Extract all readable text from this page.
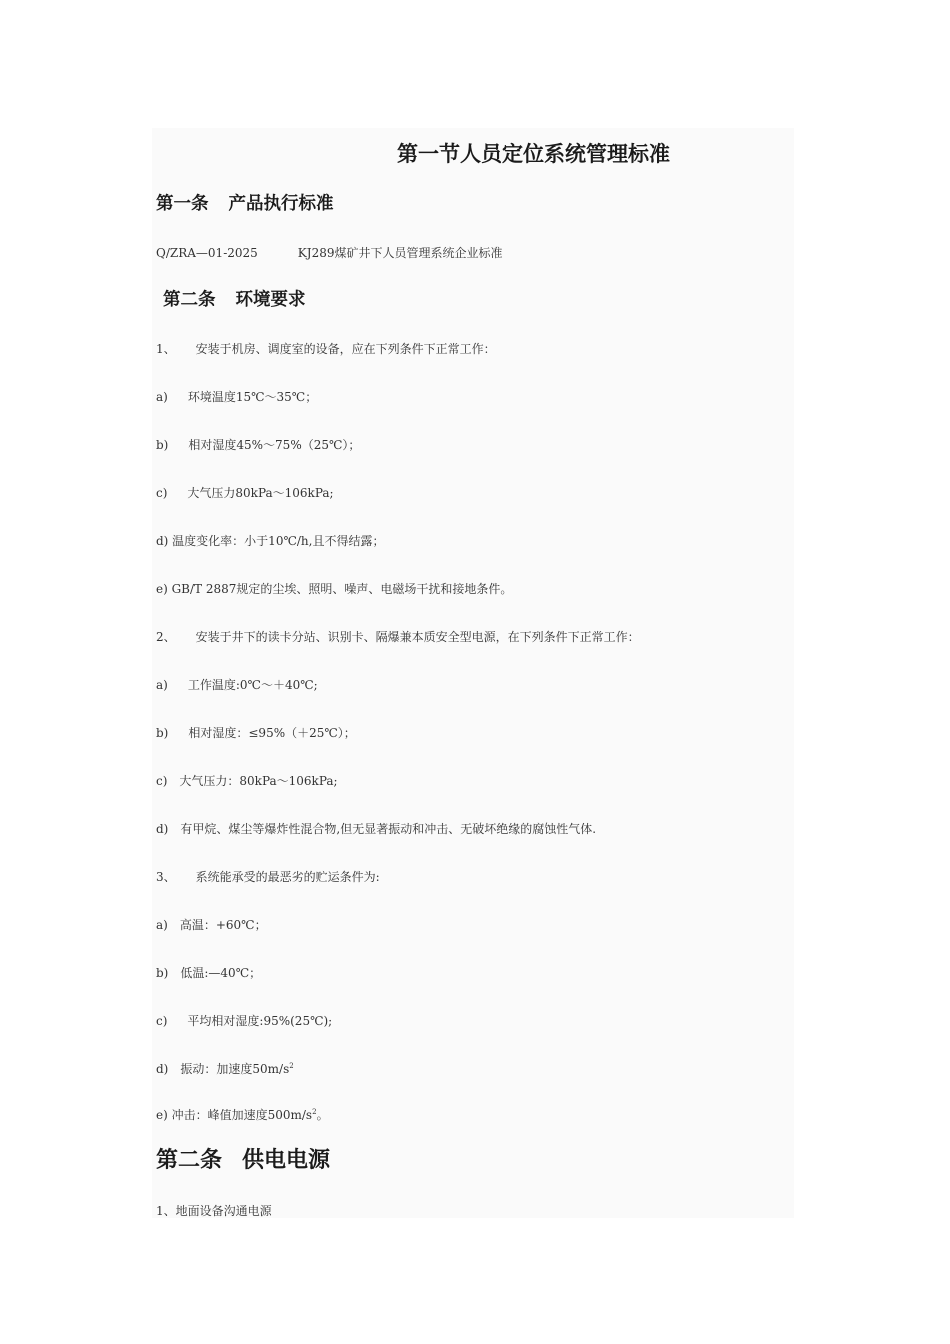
第一节人员定位系统管理标准
第一条 产品执行标准
Q/ZRA—01-2025	KJ289煤矿井下人员管理系统企业标准
第二条 环境要求
1、 安装于机房、调度室的设备，应在下列条件下正常工作：
a) 环境温度15℃～35℃；
b) 相对湿度45%～75%（25℃）；
c) 大气压力80kPa～106kPa;
d) 温度变化率：小于10℃/h,且不得结露；
e) GB/T 2887规定的尘埃、照明、噪声、电磁场干扰和接地条件。
2、 安装于井下的读卡分站、识别卡、隔爆兼本质安全型电源，在下列条件下正常工作：
a) 工作温度:0℃～＋40℃;
b) 相对湿度：≤95%（＋25℃）；
c) 大气压力：80kPa～106kPa;
d) 有甲烷、煤尘等爆炸性混合物,但无显著振动和冲击、无破坏绝缘的腐蚀性气体.
3、 系统能承受的最恶劣的贮运条件为:
a) 高温：+60℃；
b) 低温:—40℃；
c) 平均相对湿度:95%(25℃);
d) 振动：加速度$50m/s^2$
e) 冲击：峰值加速度$500m/s^2$。
第二条 供电电源
1、地面设备沟通电源
